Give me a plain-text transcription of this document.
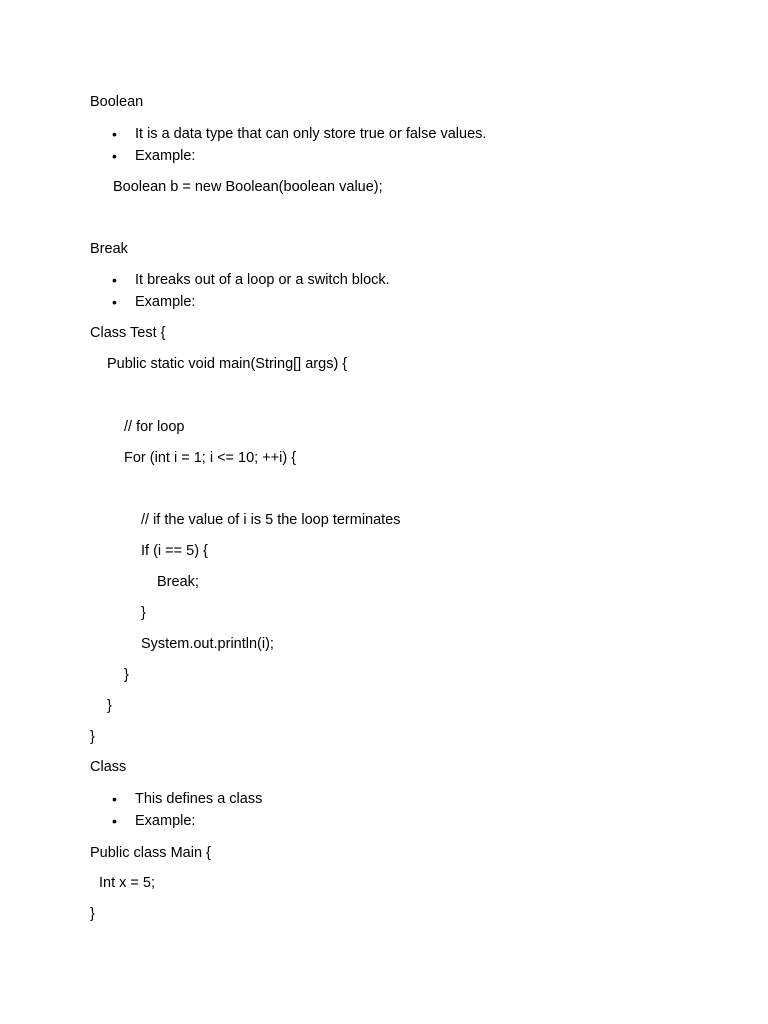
Boolean
• It is a data type that can only store true or false values.
• Example:
Boolean b = new Boolean(boolean value);
Break
• It breaks out of a loop or a switch block.
• Example:
Class Test {
Public static void main(String[] args) {
// for loop
For (int i = 1; i <= 10; ++i) {
// if the value of i is 5 the loop terminates
If (i == 5) {
Break;
}
System.out.println(i);
}
}
}
Class
• This defines a class
• Example:
Public class Main {
Int x = 5;
}
